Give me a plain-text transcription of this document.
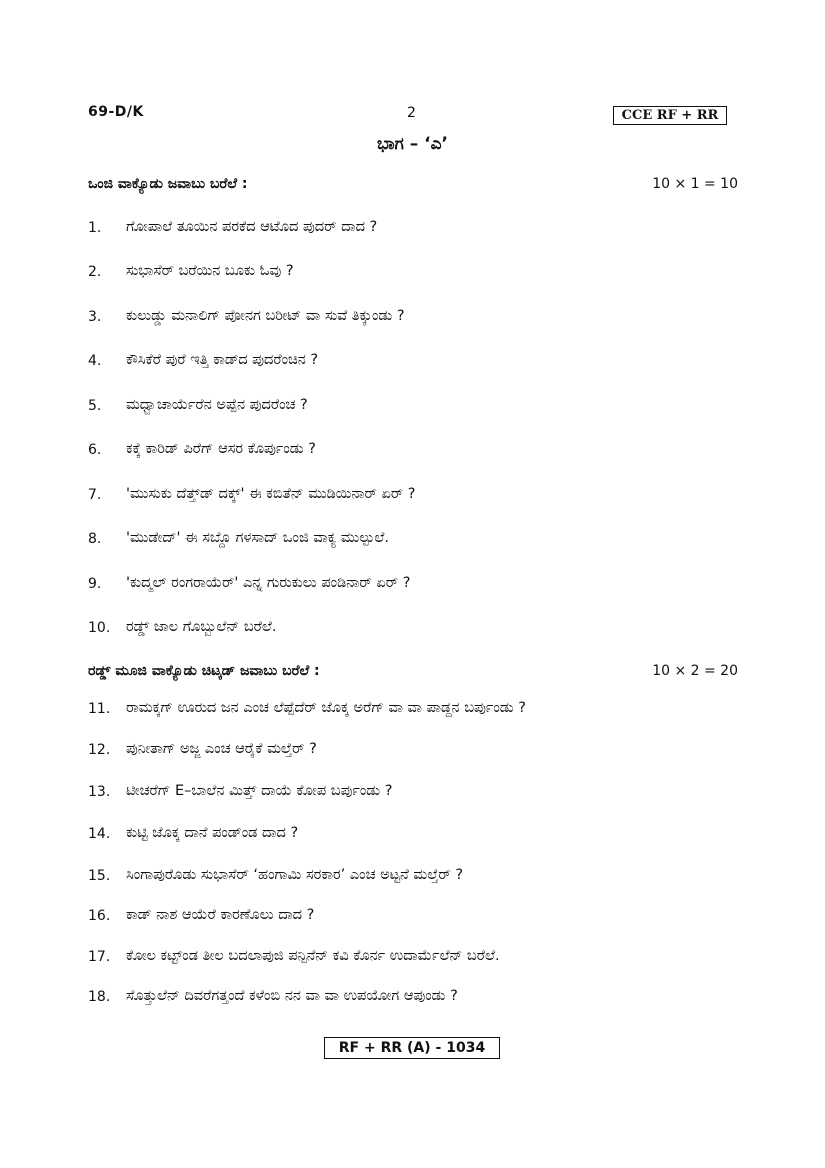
69-D/K	2	CCE RF + RR
ಭಾಗ – ‘ಎ’
ಒಂಜಿ ವಾಕ್ಯೊಡು ಜವಾಬು ಬರೆಲೆ :	10 × 1 = 10
1. ಗೋಪಾಲೆ ತೂಯಿನ ಪರಕೆದ ಆಟೊದ ಪುದರ್ ದಾದ ?
2. ಸುಭಾಸೆರ್ ಬರೆಯಿನ ಬೂಕು ಓವು ?
3. ಕುಲುಡ್ಡು ಮನಾಲಿಗ್ ಪೋನಗ ಬರೀಟ್ ವಾ ಸುವೆ ತಿಕ್ಕುಂಡು ?
4. ಕೌಸಿಕೆರೆ ಪುರೆ ಇತ್ತಿ ಕಾಡ್‍ದ ಪುದರೆಂಚಿನ ?
5. ಮಧ್ವಾಚಾರ್ಯೆರೆನ ಅಪ್ಪೆನ ಪುದರೆಂಚ ?
6. ಕಕ್ಕೆ ಕಾರಿಡ್ ಪಿರೆಗ್ ಆಸರ ಕೊರ್ಪುಂಡು ?
7. 'ಮುಸುಕು ದೆತ್ತ್‌ಡ್ ದಕ್ಕ್' ಈ ಕಬಿತೆನ್ ಮುಡಿಯಿನಾರ್ ಏರ್ ?
8. 'ಮುಡೇದ್' ಈ ಸಬ್ದೊ ಗಳಸಾದ್ ಒಂಜಿ ವಾಕ್ಯ ಮುಲ್ಪುಲೆ.
9. 'ಕುದ್ಮಲ್ ರಂಗರಾಯೆರ್' ಎನ್ನ ಗುರುಕುಲು ಪಂಡಿನಾರ್ ಏರ್ ?
10. ರಡ್ಡ್ ಜಾಲ ಗೊಬ್ಬುಲೆನ್ ಬರೆಲೆ.
ರಡ್ಡ್ ಮೂಜಿ ವಾಕ್ಯೊಡು ಚಿಟ್ಕಡ್ ಜವಾಬು ಬರೆಲೆ :	10 × 2 = 20
11. ರಾಮಕ್ಕಗ್ ಊರುದ ಜನ ಎಂಚ ಲೆಪ್ಪೆದೆರ್ ಜೊಕ್ಕ ಅರೆಗ್ ವಾ ವಾ ಪಾಡ್ದನ ಬರ್ಪುಂಡು ?
12. ಪುನೀತಾಗ್ ಅಜ್ಜ ಎಂಚ ಆರೈಕೆ ಮಲ್ತೆರ್ ?
13. ಟೀಚರೆಗ್ E–ಬಾಲೆನ ಮಿತ್ತ್ ದಾಯೆ ಕೋಪ ಬರ್ಪುಂಡು ?
14. ಕುಟ್ಟಿ ಜೊಕ್ಕ ದಾನೆ ಪಂಡ್ಂಡ ದಾದ ?
15. ಸಿಂಗಾಪುರೊಡು ಸುಭಾಸೆರ್ ‘ಹಂಗಾಮಿ ಸರಕಾರ’ ಎಂಚ ಅಟ್ಟನೆ ಮಲ್ತೆರ್ ?
16. ಕಾಡ್ ನಾಶ ಆಯೆರೆ ಕಾರಣೊಲು ದಾದ ?
17. ಕೋಲ ಕಟ್ಟ್‌ಂಡ ತೀಲ ಬದಲಾಪುಜಿ ಪನ್ಪಿನೆನ್ ಕವಿ ಕೊರ್ನ ಉದಾರ್ಮೆಲೆನ್ ಬರೆಲೆ.
18. ಸೊತ್ತುಲೆನ್ ದಿವರೆಗತ್ತಂದೆ ಕಳೆಂಬಿ ನನ ವಾ ವಾ ಉಪಯೋಗ ಆಪುಂಡು ?
RF + RR (A) - 1034
